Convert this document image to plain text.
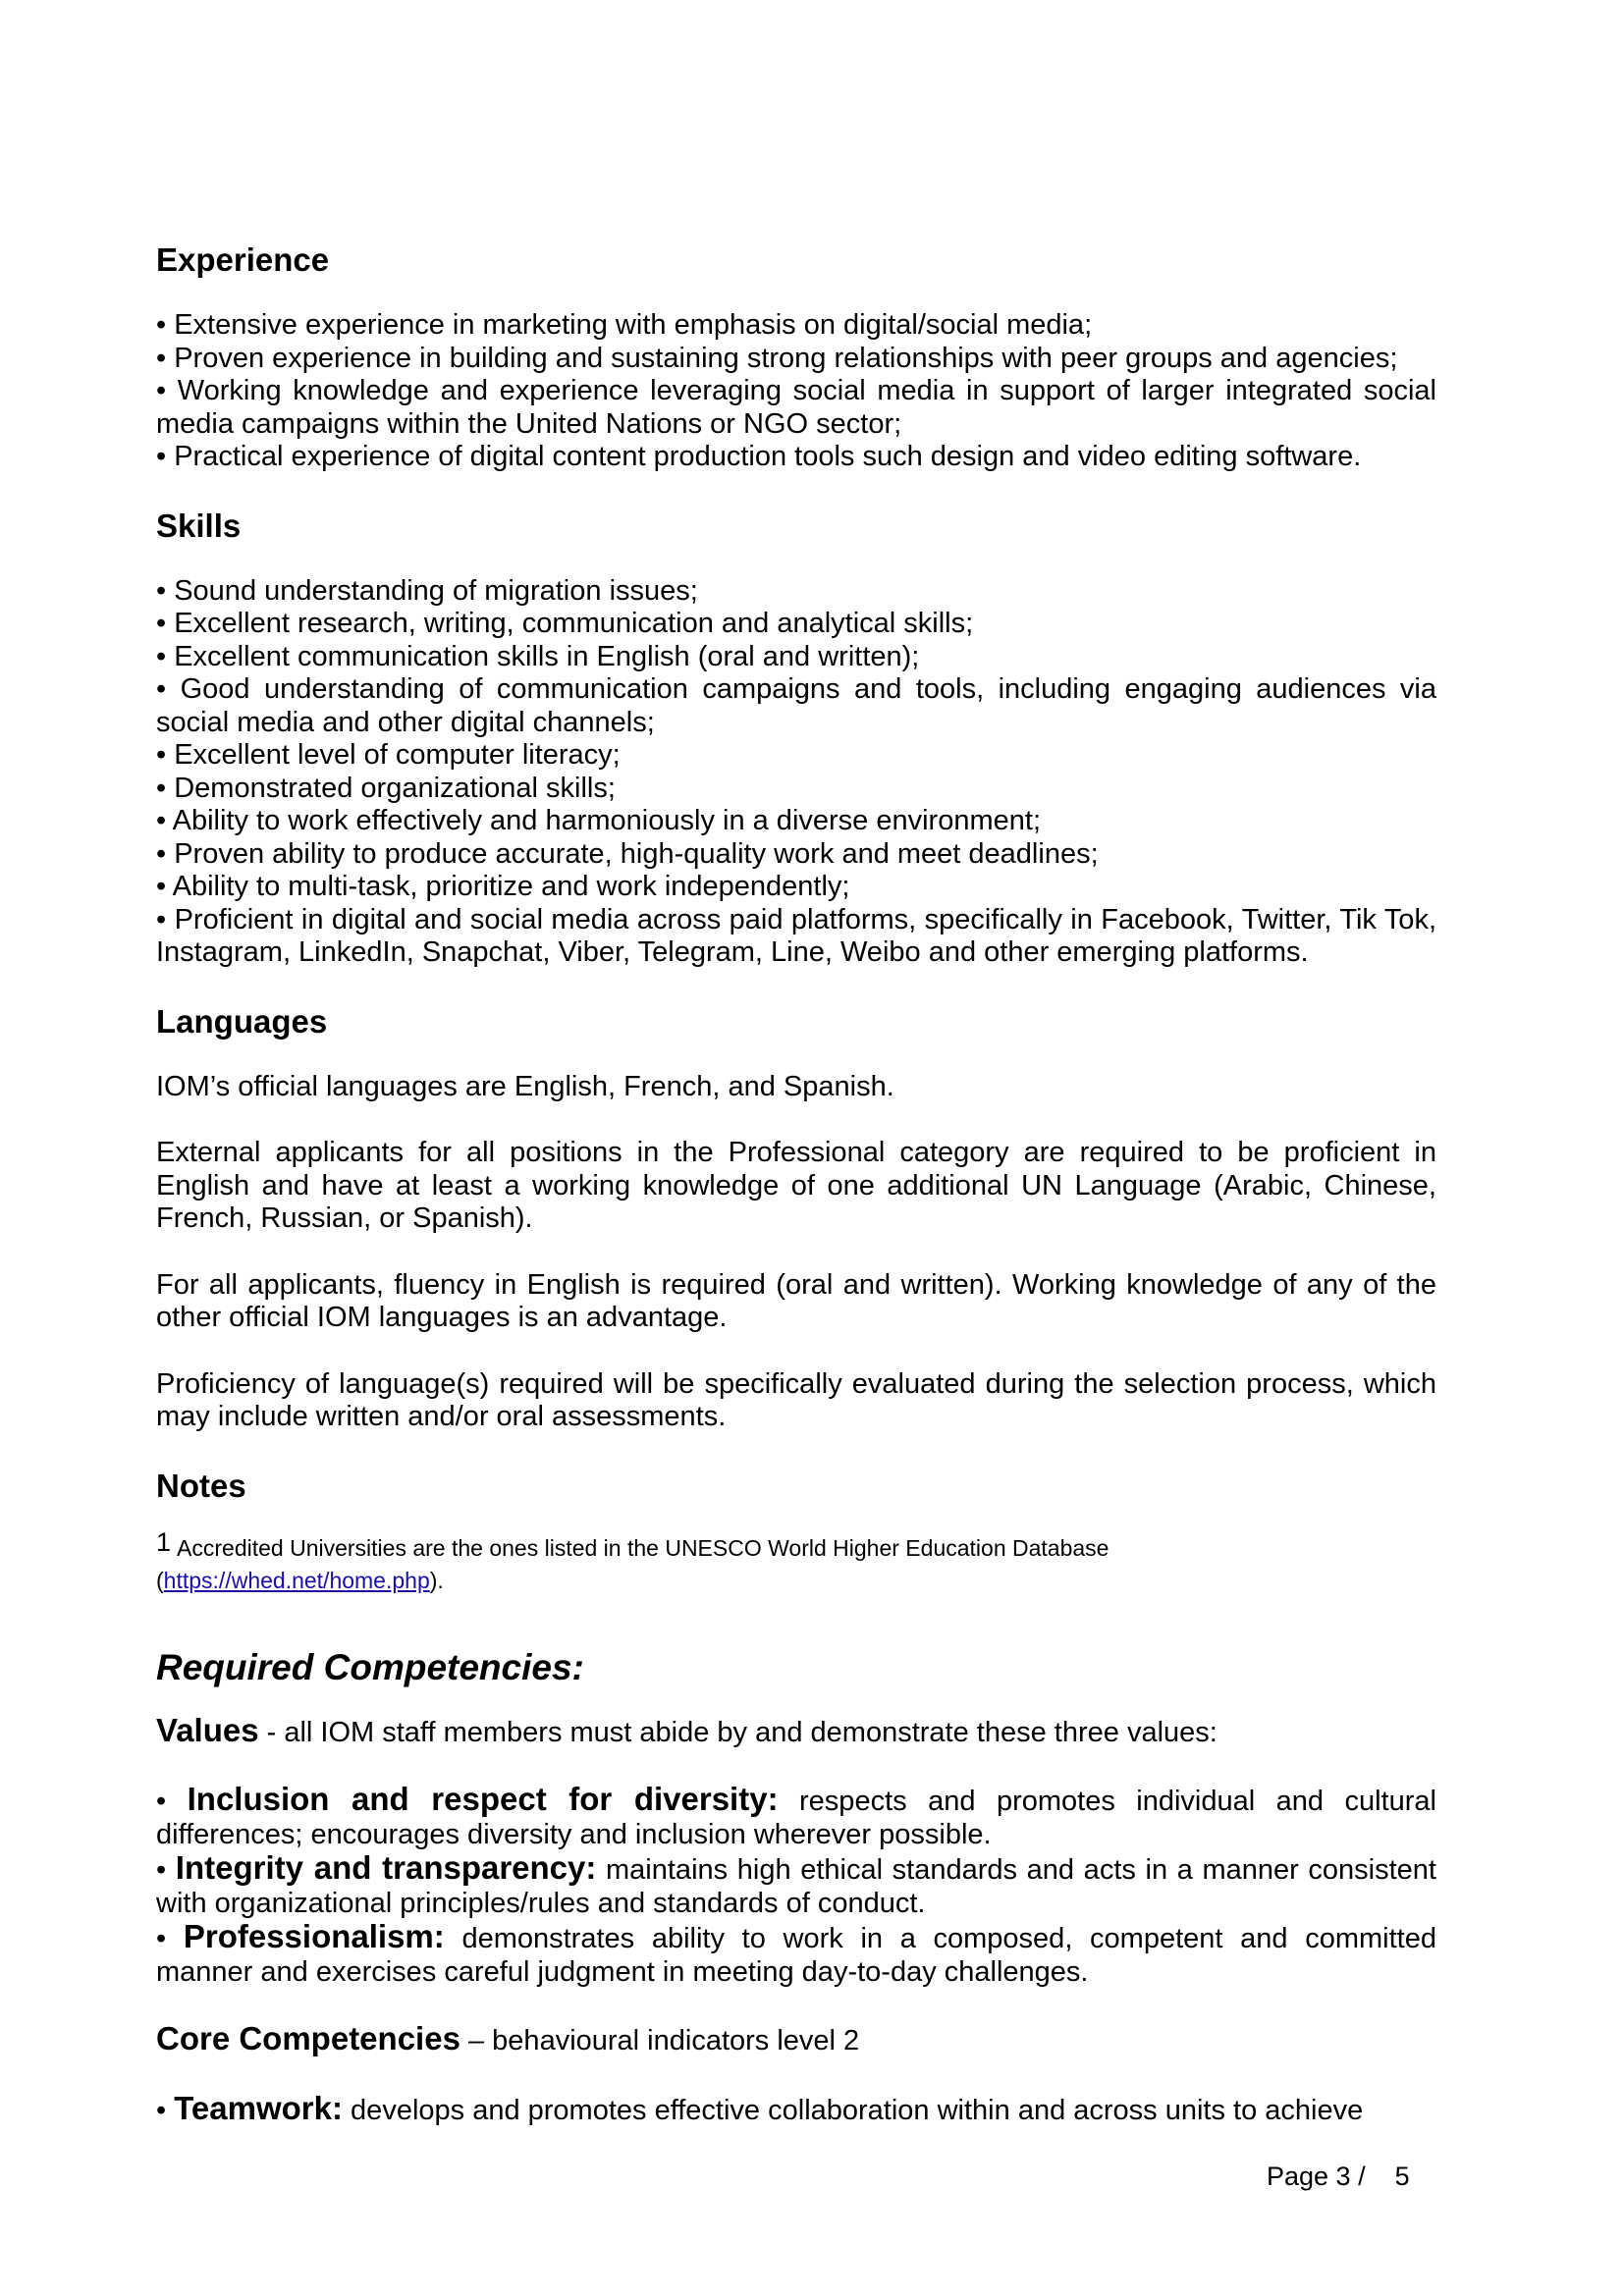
Experience

• Extensive experience in marketing with emphasis on digital/social media;

• Proven experience in building and sustaining strong relationships with peer groups and agencies;

• Working knowledge and experience leveraging social media in support of larger integrated social media campaigns within the United Nations or NGO sector;

• Practical experience of digital content production tools such design and video editing software.

Skills

• Sound understanding of migration issues;

• Excellent research, writing, communication and analytical skills;

• Excellent communication skills in English (oral and written);

• Good understanding of communication campaigns and tools, including engaging audiences via social media and other digital channels;

• Excellent level of computer literacy;

• Demonstrated organizational skills;

• Ability to work effectively and harmoniously in a diverse environment;

• Proven ability to produce accurate, high-quality work and meet deadlines;

• Ability to multi-task, prioritize and work independently;

• Proficient in digital and social media across paid platforms, specifically in Facebook, Twitter, Tik Tok, Instagram, LinkedIn, Snapchat, Viber, Telegram, Line, Weibo and other emerging platforms.

Languages

IOM’s official languages are English, French, and Spanish.

External applicants for all positions in the Professional category are required to be proficient in English and have at least a working knowledge of one additional UN Language (Arabic, Chinese, French, Russian, or Spanish).

For all applicants, fluency in English is required (oral and written). Working knowledge of any of the other official IOM languages is an advantage.

Proficiency of language(s) required will be specifically evaluated during the selection process, which may include written and/or oral assessments.

Notes

$^1$ Accredited Universities are the ones listed in the UNESCO World Higher Education Database

(https://whed.net/home.php).

Required Competencies:

Values - all IOM staff members must abide by and demonstrate these three values:

• Inclusion and respect for diversity: respects and promotes individual and cultural differences; encourages diversity and inclusion wherever possible.

• Integrity and transparency: maintains high ethical standards and acts in a manner consistent with organizational principles/rules and standards of conduct.

• Professionalism: demonstrates ability to work in a composed, competent and committed manner and exercises careful judgment in meeting day-to-day challenges.

Core Competencies – behavioural indicators level 2

• Teamwork: develops and promotes effective collaboration within and across units to achieve

Page 3 /    5
